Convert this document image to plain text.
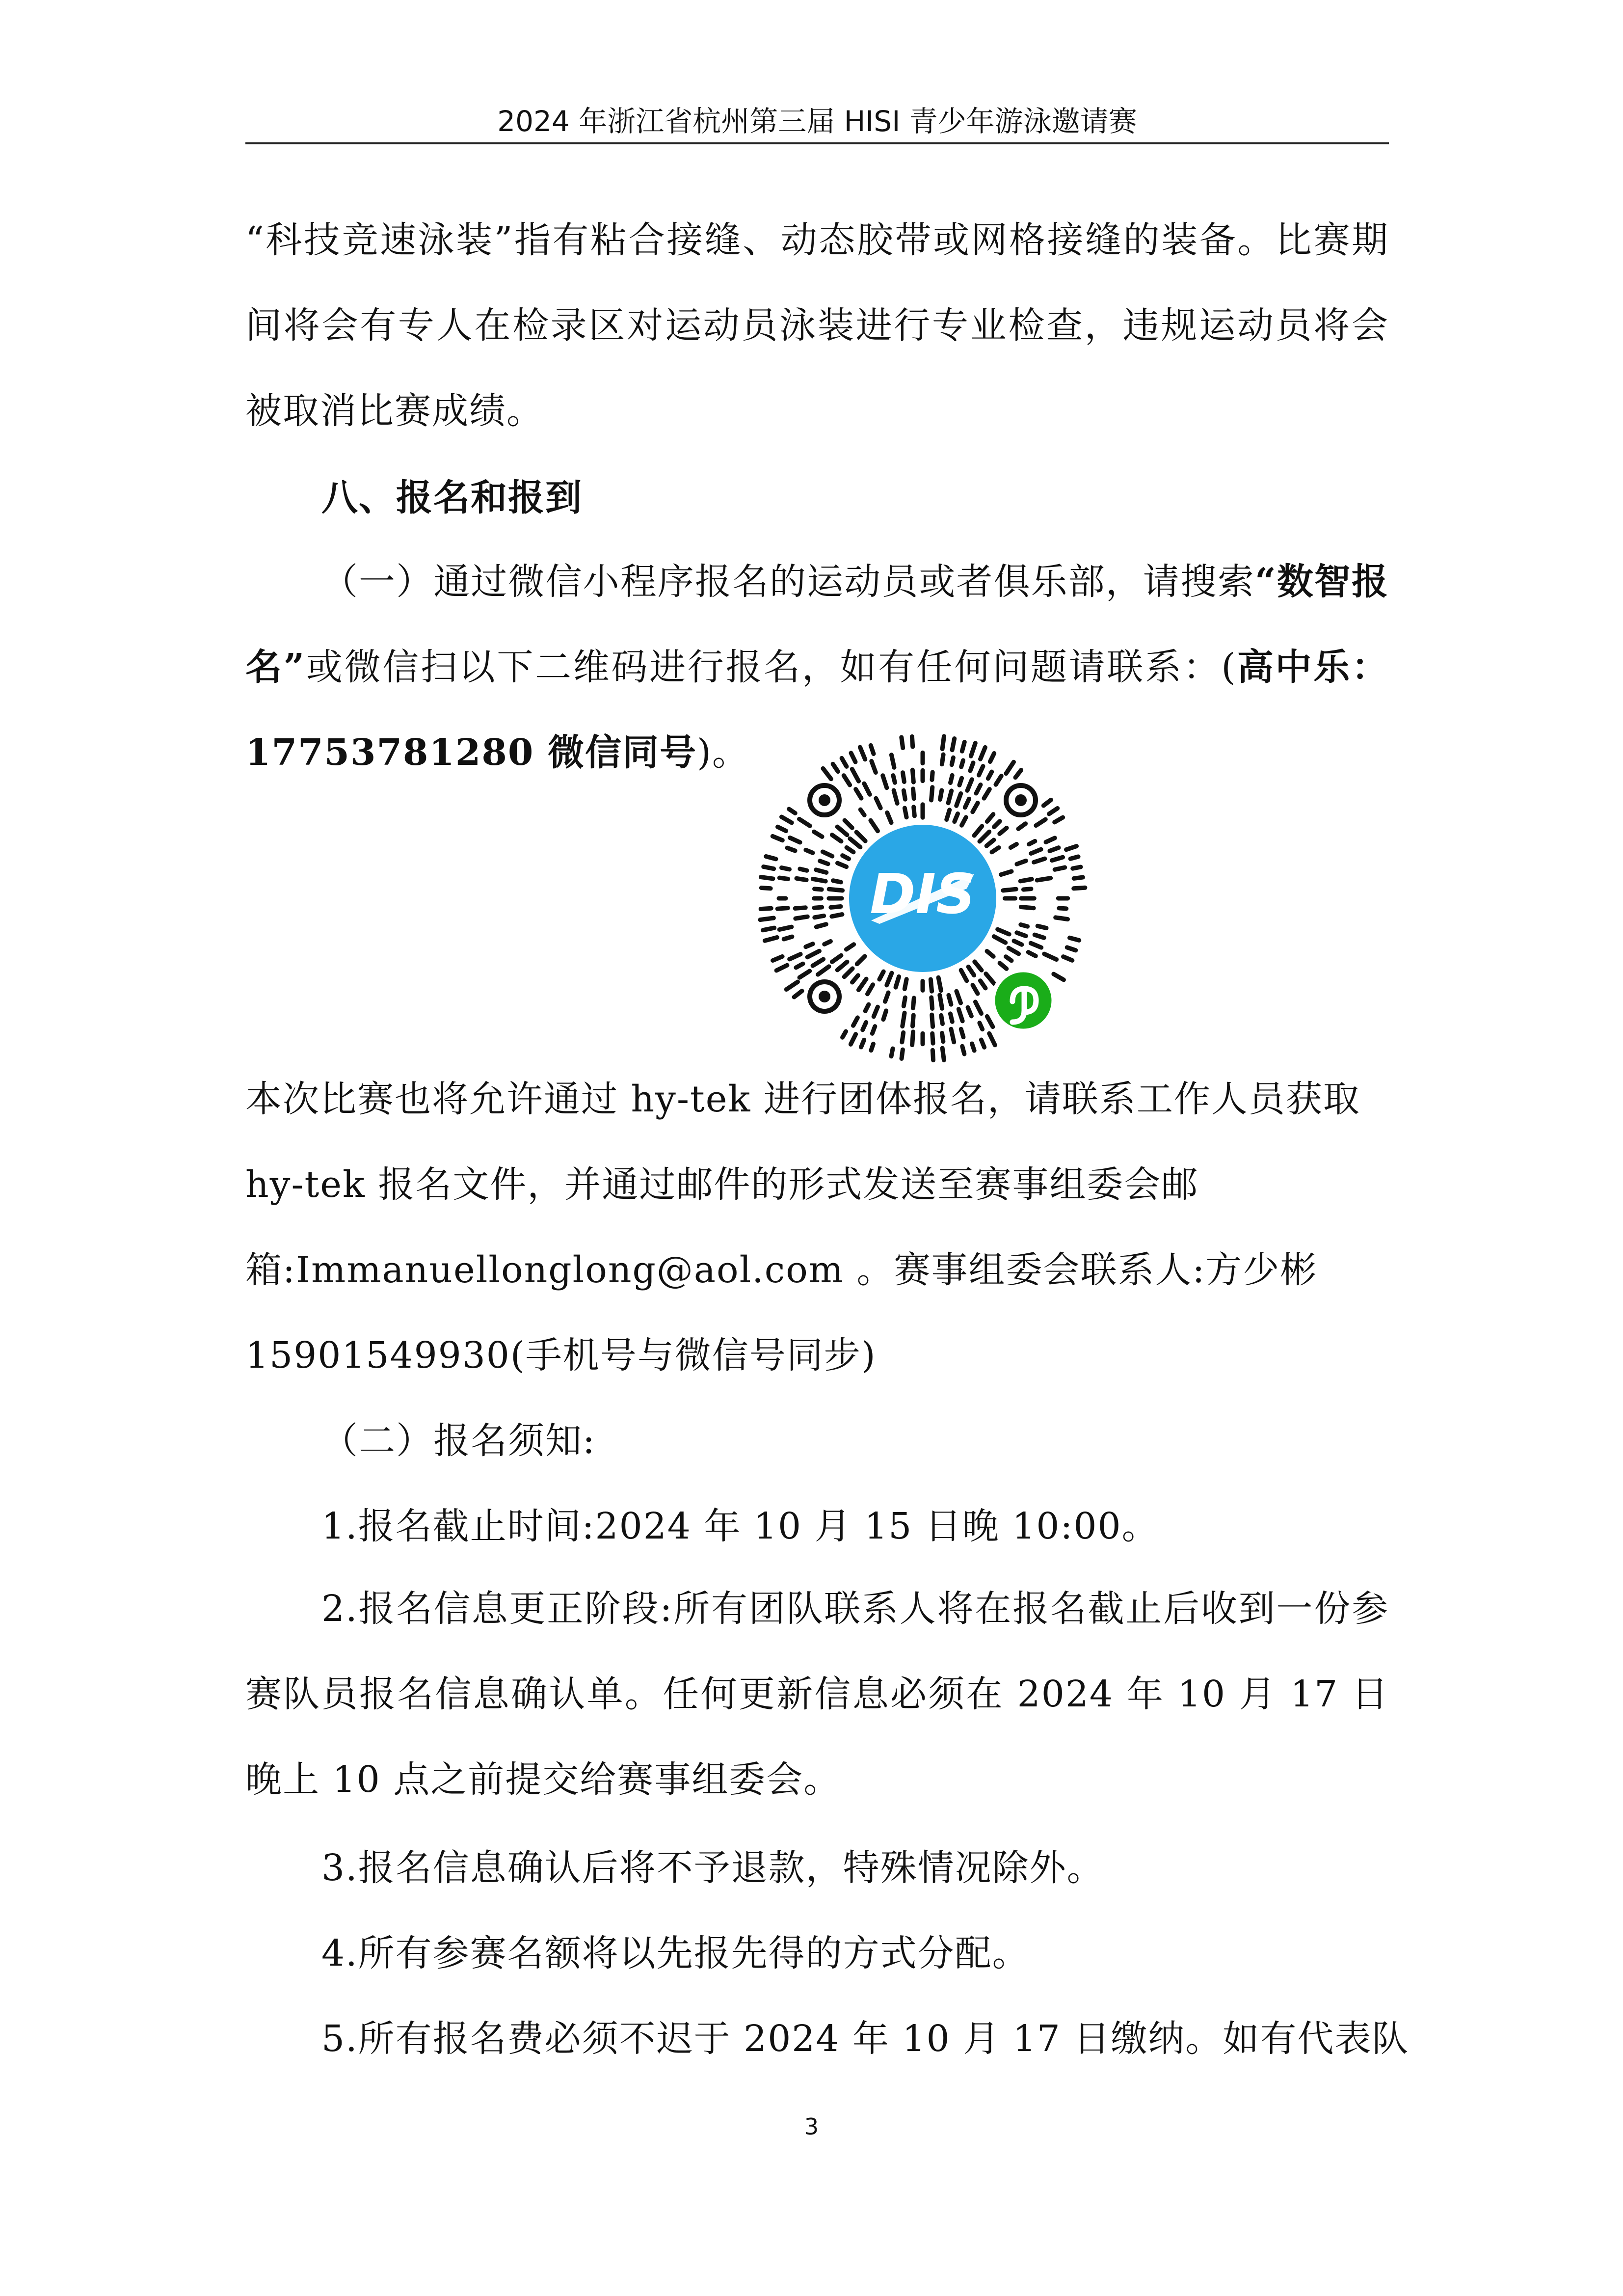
2024 年浙江省杭州第三届 HISI 青少年游泳邀请赛

“科技竞速泳装”指有粘合接缝、动态胶带或网格接缝的装备。比赛期间将会有专人在检录区对运动员泳装进行专业检查，违规运动员将会被取消比赛成绩。

八、报名和报到

（一）通过微信小程序报名的运动员或者俱乐部，请搜索“数智报名”或微信扫以下二维码进行报名，如有任何问题请联系：(高中乐：17753781280 微信同号)。

DIS
本次比赛也将允许通过 hy-tek 进行团体报名，请联系工作人员获取
hy-tek 报名文件，并通过邮件的形式发送至赛事组委会邮
箱:Immanuellonglong@aol.com 。赛事组委会联系人:方少彬
15901549930(手机号与微信号同步)
（二）报名须知:
1.报名截止时间:2024 年 10 月 15 日晚 10:00。

2.报名信息更正阶段:所有团队联系人将在报名截止后收到一份参赛队员报名信息确认单。任何更新信息必须在 2024 年 10 月 17 日晚上 10 点之前提交给赛事组委会。

3.报名信息确认后将不予退款，特殊情况除外。
4.所有参赛名额将以先报先得的方式分配。
5.所有报名费必须不迟于 2024 年 10 月 17 日缴纳。如有代表队
3
